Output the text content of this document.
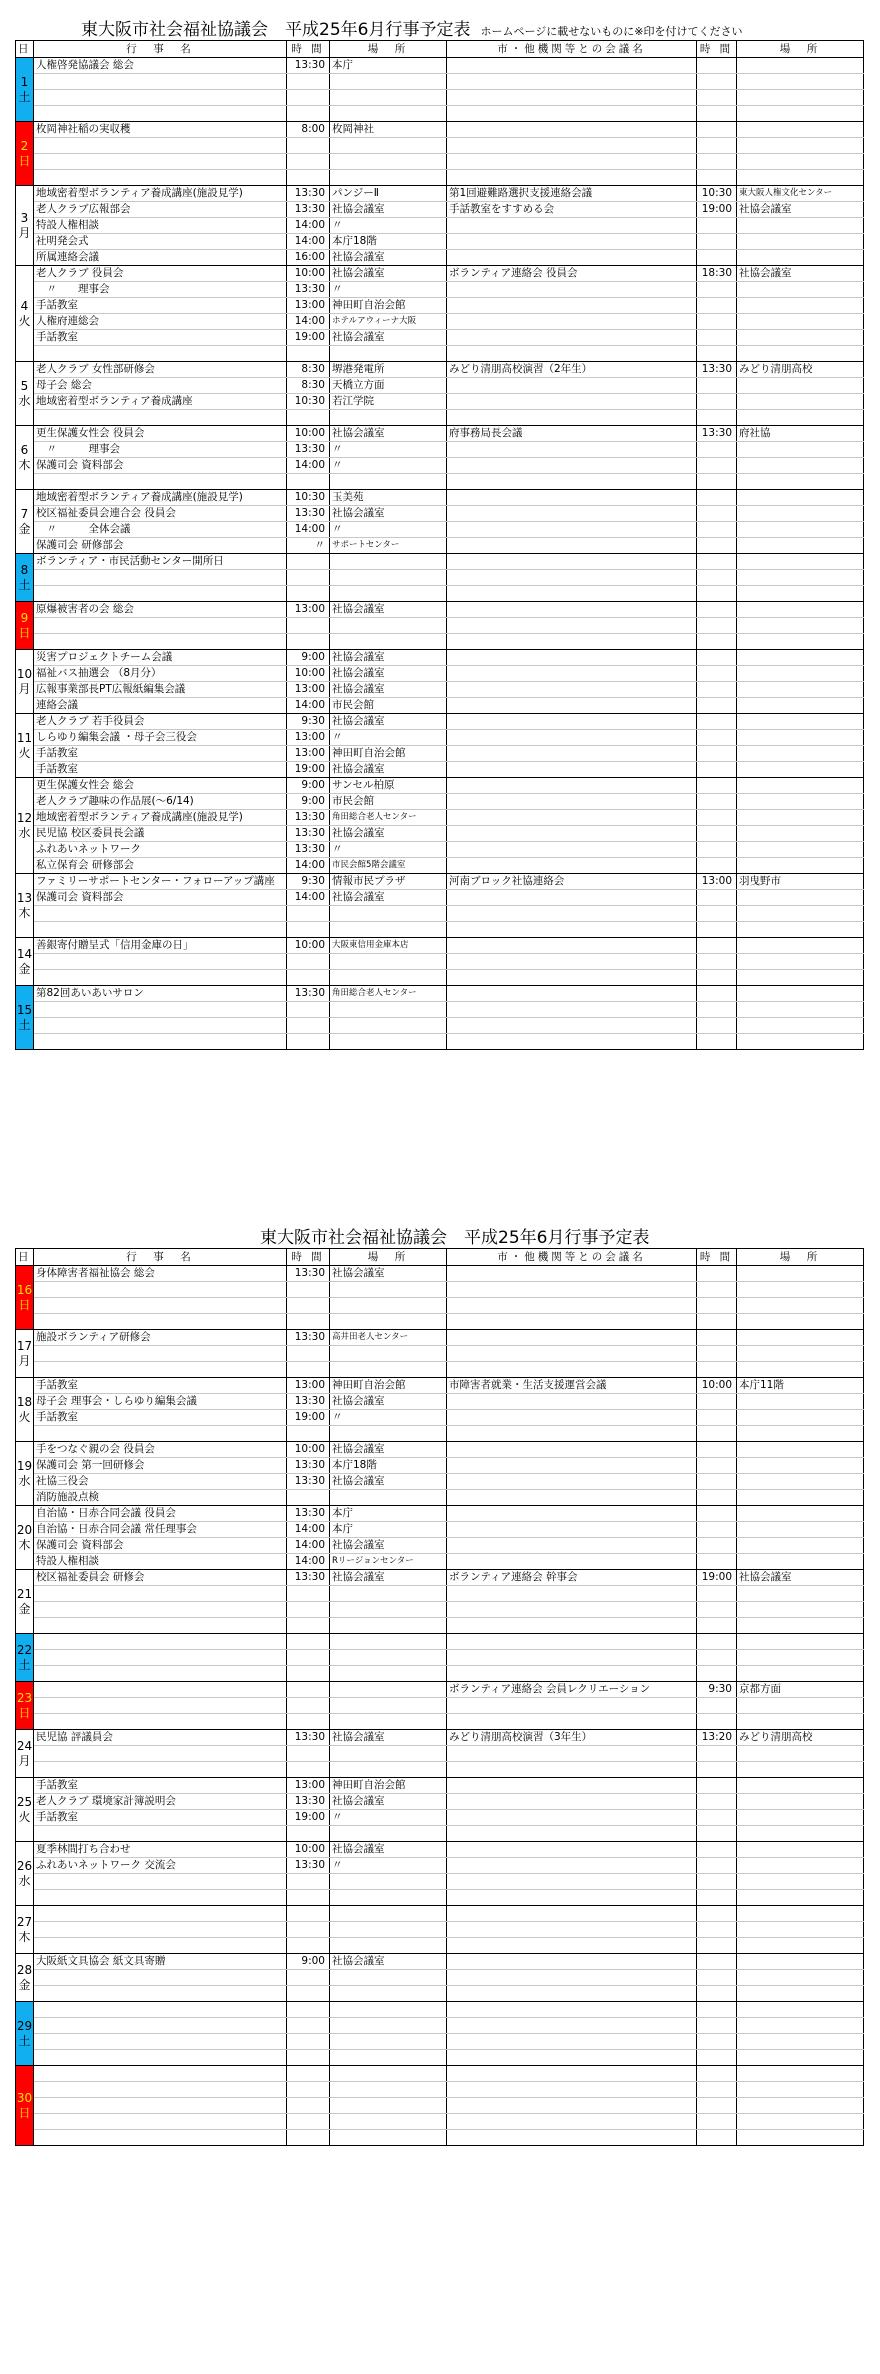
東大阪市社会福祉協議会　平成25年6月行事予定表 ホームページに載せないものに※印を付けてください
日	行　事　名	時 間	場　所	市・他機関等との会議名	時 間	場　所
1
土	人権啓発協議会 総会	13:30	本庁			

2
日	枚岡神社稲の実収穫	8:00	枚岡神社			

3
月	地域密着型ボランティア養成講座(施設見学)	13:30	パンジーⅡ	第1回避難路選択支援連絡会議	10:30	東大阪人権文化センター
	老人クラブ広報部会	13:30	社協会議室	手話教室をすすめる会	19:00	社協会議室
	特設人権相談	14:00	〃			
	社明発会式	14:00	本庁18階			
	所属連絡会議	16:00	社協会議室			
4
火	老人クラブ 役員会	10:00	社協会議室	ボランティア連絡会 役員会	18:30	社協会議室
	　〃　　理事会	13:30	〃			
	手話教室	13:00	神田町自治会館			
	人権府連総会	14:00	ホテルアウィーナ大阪			
	手話教室	19:00	社協会議室			

5
水	老人クラブ 女性部研修会	8:30	堺港発電所	みどり清朋高校演習（2年生）	13:30	みどり清朋高校
	母子会 総会	8:30	天橋立方面			
	地域密着型ボランティア養成講座	10:30	若江学院			

6
木	更生保護女性会 役員会	10:00	社協会議室	府事務局長会議	13:30	府社協
	　〃　　　理事会	13:30	〃			
	保護司会 資料部会	14:00	〃			

7
金	地域密着型ボランティア養成講座(施設見学)	10:30	玉美苑			
	校区福祉委員会連合会 役員会	13:30	社協会議室			
	　〃　　　全体会議	14:00	〃			
	保護司会 研修部会	〃	サポートセンター			
8
土	ボランティア・市民活動センター開所日					

9
日	原爆被害者の会 総会	13:00	社協会議室			

10
月	災害プロジェクトチーム会議	9:00	社協会議室			
	福祉バス抽選会 （8月分）	10:00	社協会議室			
	広報事業部長PT広報紙編集会議	13:00	社協会議室			
	連絡会議	14:00	市民会館			
11
火	老人クラブ 若手役員会	9:30	社協会議室			
	しらゆり編集会議 ・母子会三役会	13:00	〃			
	手話教室	13:00	神田町自治会館			
	手話教室	19:00	社協会議室			
12
水	更生保護女性会 総会	9:00	サンセル柏原			
	老人クラブ趣味の作品展(～6/14)	9:00	市民会館			
	地域密着型ボランティア養成講座(施設見学)	13:30	角田総合老人センター			
	民児協 校区委員長会議	13:30	社協会議室			
	ふれあいネットワーク	13:30	〃			
	私立保育会 研修部会	14:00	市民会館5階会議室			
13
木	ファミリーサポートセンター・フォローアップ講座	9:30	情報市民プラザ	河南ブロック社協連絡会	13:00	羽曳野市
	保護司会 資料部会	14:00	社協会議室			

14
金	善銀寄付贈呈式「信用金庫の日」	10:00	大阪東信用金庫本店			

15
土	第82回あいあいサロン	13:30	角田総合老人センター			

東大阪市社会福祉協議会　平成25年6月行事予定表
日	行　事　名	時 間	場　所	市・他機関等との会議名	時 間	場　所
16
日	身体障害者福祉協会 総会	13:30	社協会議室			

17
月	施設ボランティア研修会	13:30	高井田老人センター			

18
火	手話教室	13:00	神田町自治会館	市障害者就業・生活支援運営会議	10:00	本庁11階
	母子会 理事会・しらゆり編集会議	13:30	社協会議室			
	手話教室	19:00	〃			

19
水	手をつなぐ親の会 役員会	10:00	社協会議室			
	保護司会 第一回研修会	13:30	本庁18階			
	社協三役会	13:30	社協会議室			
	消防施設点検					
20
木	自治協・日赤合同会議 役員会	13:30	本庁			
	自治協・日赤合同会議 常任理事会	14:00	本庁			
	保護司会 資料部会	14:00	社協会議室			
	特設人権相談	14:00	Rリージョンセンター			
21
金	校区福祉委員会 研修会	13:30	社協会議室	ボランティア連絡会 幹事会	19:00	社協会議室

22
土						

23
日				ボランティア連絡会 会員レクリエーション	9:30	京都方面

24
月	民児協 評議員会	13:30	社協会議室	みどり清朋高校演習（3年生）	13:20	みどり清朋高校

25
火	手話教室	13:00	神田町自治会館			
	老人クラブ 環境家計簿説明会	13:30	社協会議室			
	手話教室	19:00	〃			

26
水	夏季林間打ち合わせ	10:00	社協会議室			
	ふれあいネットワーク 交流会	13:30	〃			

27
木						

28
金	大阪紙文具協会 紙文具寄贈	9:00	社協会議室			

29
土						

30
日						
